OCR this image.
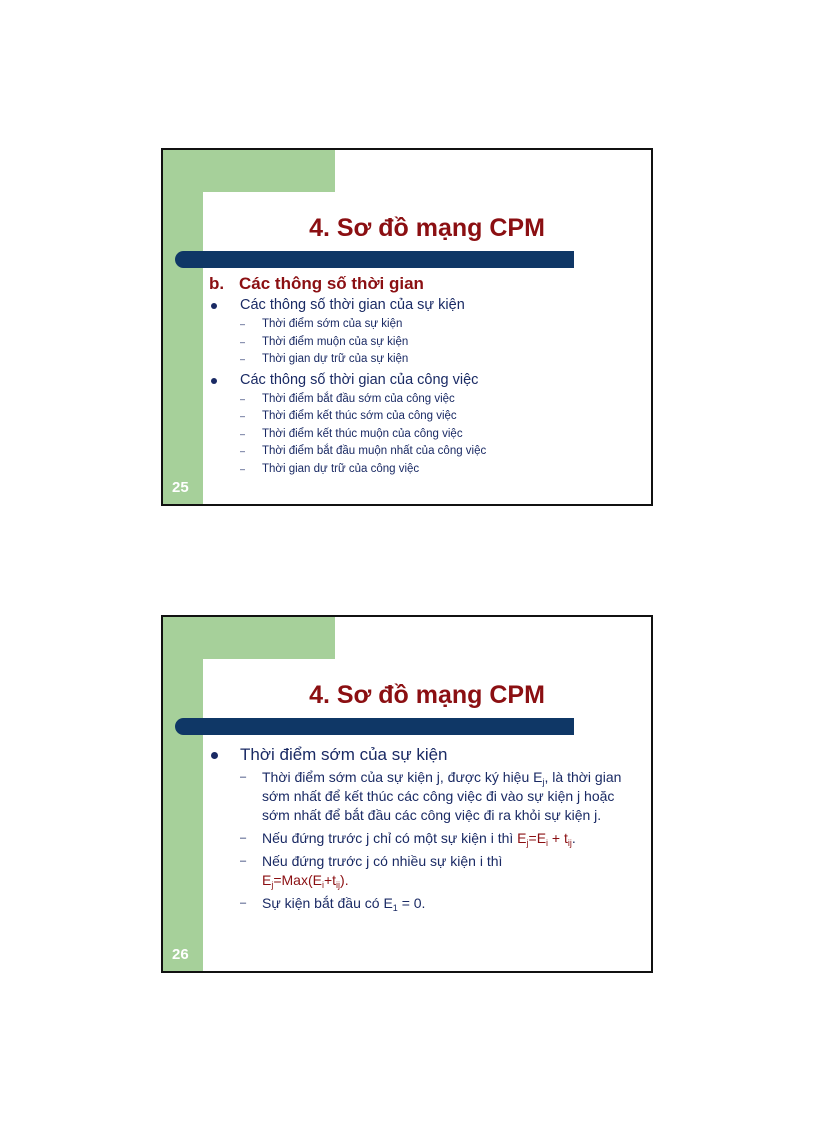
4. Sơ đồ mạng CPM
b. Các thông số thời gian
Các thông số thời gian của sự kiện
– Thời điểm sớm của sự kiện
– Thời điểm muộn của sự kiện
– Thời gian dự trữ của sự kiện
Các thông số thời gian của công việc
– Thời điểm bắt đầu sớm của công việc
– Thời điểm kết thúc sớm của công việc
– Thời điểm kết thúc muộn của công việc
– Thời điểm bắt đầu muộn nhất của công việc
– Thời gian dự trữ của công việc
25
4. Sơ đồ mạng CPM
Thời điểm sớm của sự kiện
– Thời điểm sớm của sự kiện j, được ký hiệu $E_j$, là thời gian sớm nhất để kết thúc các công việc đi vào sự kiện j hoặc sớm nhất để bắt đầu các công việc đi ra khỏi sự kiện j.
– Nếu đứng trước j chỉ có một sự kiện i thì $E_j=E_i + t_{ij}$.
– Nếu đứng trước j có nhiều sự kiện i thì
$E_j=Max(E_i+t_{ij})$.
– Sự kiện bắt đầu có $E_1 = 0$.
26
